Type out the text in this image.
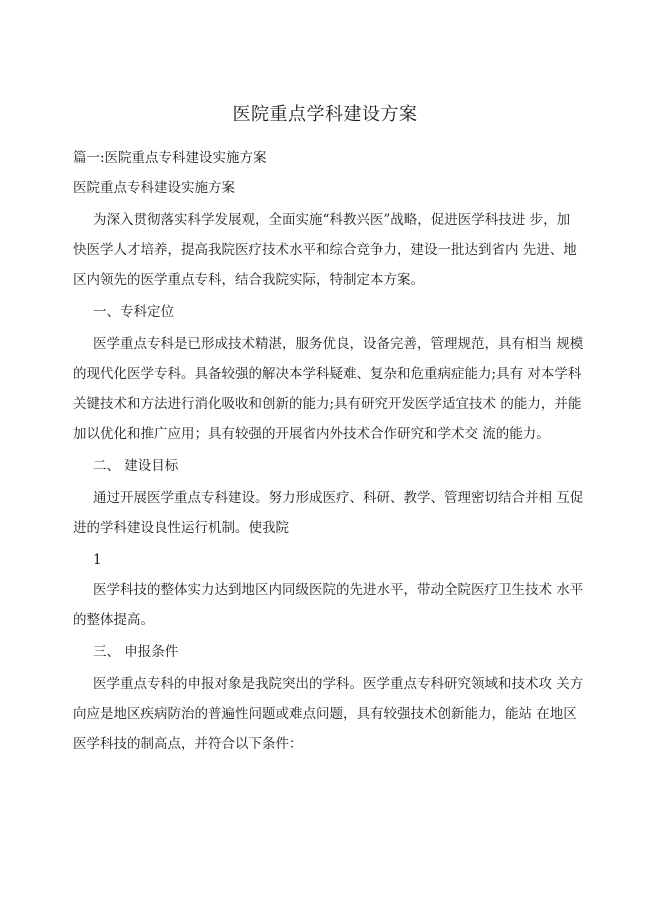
医院重点学科建设方案
篇一:医院重点专科建设实施方案
医院重点专科建设实施方案
为深入贯彻落实科学发展观，全面实施“科教兴医”战略，促进医学科技进 步，加
快医学人才培养，提高我院医疗技术水平和综合竞争力，建设一批达到省内 先进、地
区内领先的医学重点专科，结合我院实际，特制定本方案。
一、专科定位
医学重点专科是已形成技术精湛，服务优良，设备完善，管理规范，具有相当 规模
的现代化医学专科。具备较强的解决本学科疑难、复杂和危重病症能力;具有 对本学科
关键技术和方法进行消化吸收和创新的能力;具有研究开发医学适宜技术 的能力，并能
加以优化和推广应用；具有较强的开展省内外技术合作研究和学术交 流的能力。
二、 建设目标
通过开展医学重点专科建设。努力形成医疗、科研、教学、管理密切结合并相 互促
进的学科建设良性运行机制。使我院
1
医学科技的整体实力达到地区内同级医院的先进水平，带动全院医疗卫生技术 水平
的整体提高。
三、 申报条件
医学重点专科的申报对象是我院突出的学科。医学重点专科研究领域和技术攻 关方
向应是地区疾病防治的普遍性问题或难点问题，具有较强技术创新能力，能站 在地区
医学科技的制高点，并符合以下条件：
